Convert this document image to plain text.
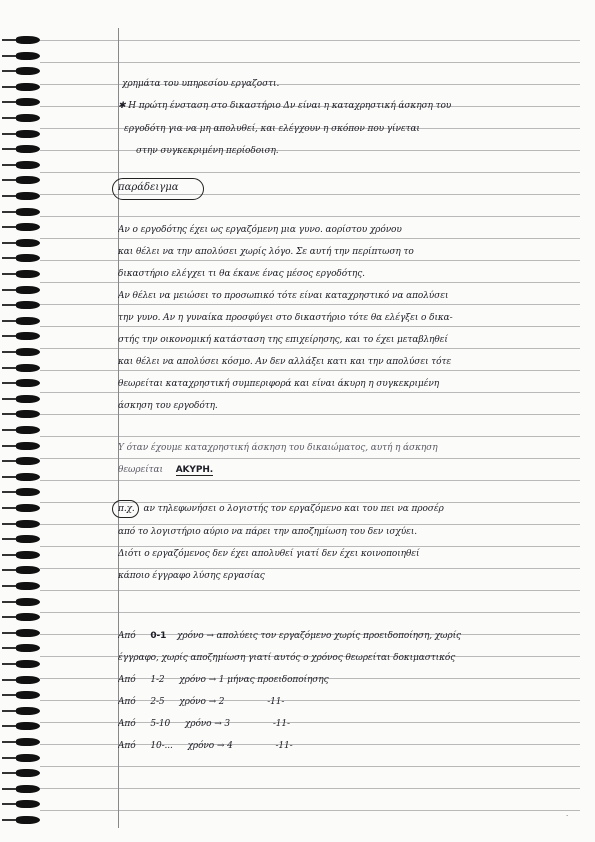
χρημάτα του υπηρεσίου εργαζοστι.
✱ Η πρώτη ένσταση στο δικαστήριο Δν είναι η καταχρηστική άσκηση του
εργοδότη για να μη απολυθεί, και ελέγχουν η σκόπον που γίνεται
στην συγκεκριμένη περίοδοιση.
παράδειγμα
Αν ο εργοδότης έχει ως εργαζόμενη μια γυνο. αορίστου χρόνου
και θέλει να την απολύσει χωρίς λόγο. Σε αυτή την περίπτωση το
δικαστήριο ελέγχει τι θα έκανε ένας μέσος εργοδότης.
Αν θέλει να μειώσει το προσωπικό τότε είναι καταχρηστικό να απολύσει
την γυνο. Αν η γυναίκα προσφύγει στο δικαστήριο τότε θα ελέγξει ο δικα-
στής την οικονομική κατάσταση της επιχείρησης, και το έχει μεταβληθεί
και θέλει να απολύσει κόσμο. Αν δεν αλλάξει κατι και την απολύσει τότε
θεωρείται καταχρηστική συμπεριφορά και είναι άκυρη η συγκεκριμένη
άσκηση του εργοδότη.
Y όταν έχουμε καταχρηστική άσκηση του δικαιώματος, αυτή η άσκηση
θεωρείται ΑΚΥΡΗ.
π.χ. αν τηλεφωνήσει ο λογιστής τον εργαζόμενο και του πει να προσέρ
από το λογιστήριο αύριο να πάρει την αποζημίωση του δεν ισχύει.
Διότι ο εργαζόμενος δεν έχει απολυθεί γιατί δεν έχει κοινοποιηθεί
κάποιο έγγραφο λύσης εργασίας
Από 0-1 χρόνο → απολύεις τον εργαζόμενο χωρίς προειδοποίηση, χωρίς
έγγραφο, χωρίς αποζημίωση γιατί αυτός ο χρόνος θεωρείται δοκιμαστικός
Από 1-2 χρόνο → 1 μήνας προειδοποίησης
Από 2-5 χρόνο → 2	-11-
Από 5-10 χρόνο → 3	-11-
Από 10-... χρόνο → 4	-11-
·
